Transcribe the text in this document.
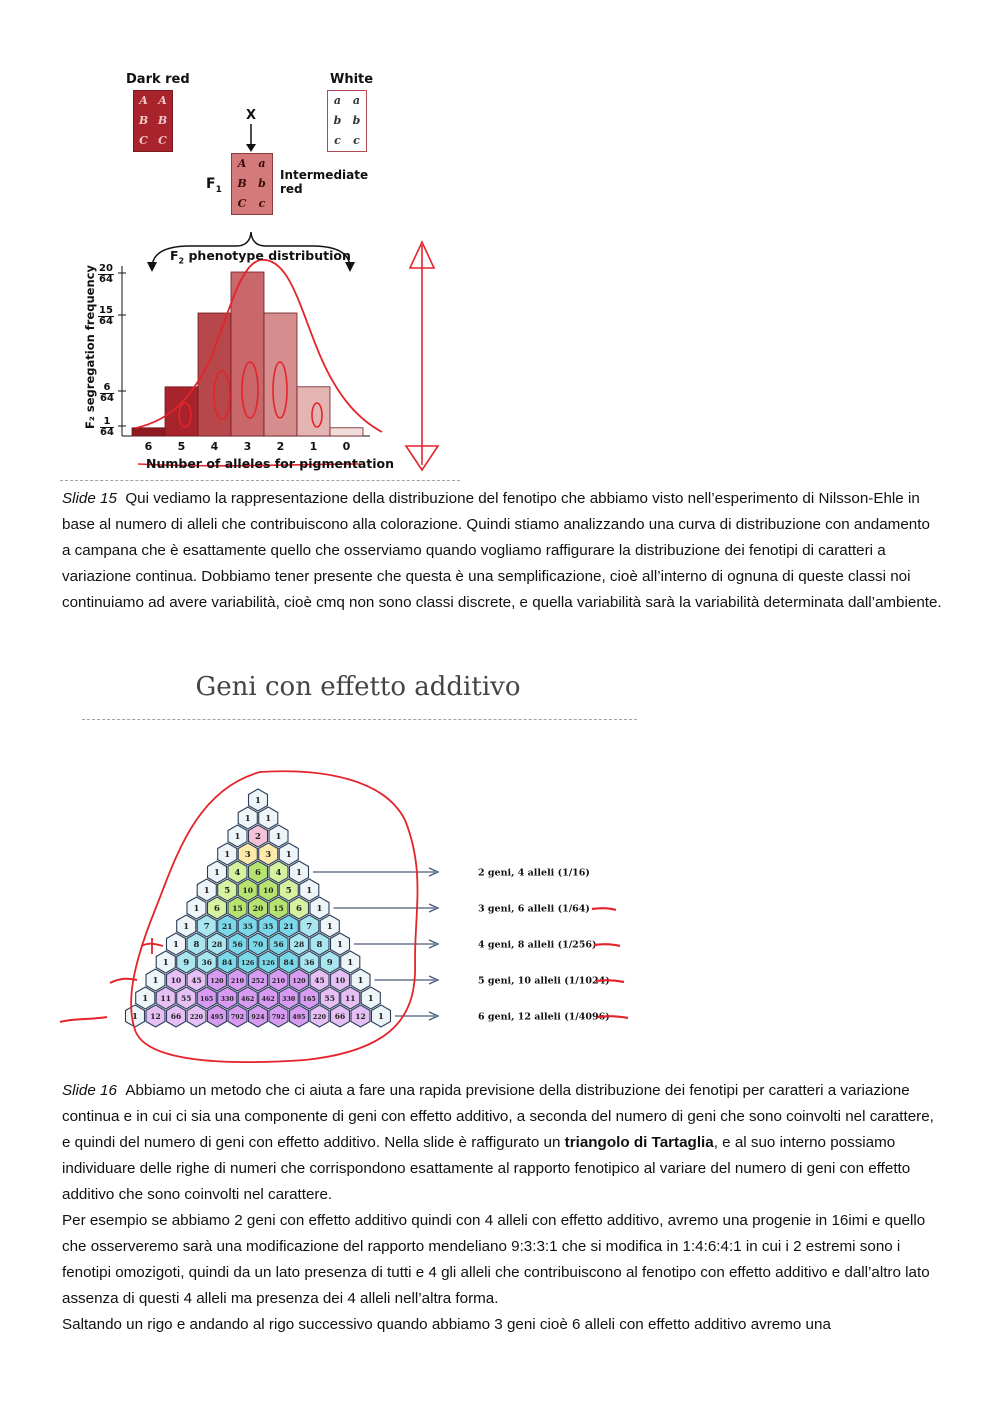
Dark red	White
A A
B B
C C
a	a
b	b
c	c
X
$F_1$
A	a
B	b
C	c
Intermediate
red
$F_2$ phenotype distribution
F₂ segregation frequency $\frac{20}{64}$
$\frac{15}{64}$
$\frac{6}{64}$
$\frac{1}{64}$
6	5	4	3	2	1	0
Number of alleles for pigmentation

Slide 15 Qui vediamo la rappresentazione della distribuzione del fenotipo che abbiamo visto nell’esperimento di Nilsson-Ehle in base al numero di alleli che contribuiscono alla colorazione. Quindi stiamo analizzando una curva di distribuzione con andamento a campana che è esattamente quello che osserviamo quando vogliamo raffigurare la distribuzione dei fenotipi di caratteri a variazione continua. Dobbiamo tener presente che questa è una semplificazione, cioè all’interno di ognuna di queste classi noi continuiamo ad avere variabilità, cioè cmq non sono classi discrete, e quella variabilità sarà la variabilità determinata dall’ambiente.

Geni con effetto additivo
1
1 1
1 2 1
1 3 3 1
1 4 6 4 1
1 5 10 10 5 1
1 6 15 20 15 6 1
1 7 21 35 35 21 7 1
1 8 28 56 70 56 28 8 1
1 9 36 84 126 126 84 36 9 1
1 10 45 120 210 252 210 120 45 10 1
1 11 55 165 330 462 462 330 165 55 11 1
1 12 66 220 495 792 924 792 495 220 66 12 1
2 geni, 4 alleli (1/16)
3 geni, 6 alleli (1/64)
4 geni, 8 alleli (1/256)
5 geni, 10 alleli (1/1024)
6 geni, 12 alleli (1/4096)

Slide 16 Abbiamo un metodo che ci aiuta a fare una rapida previsione della distribuzione dei fenotipi per caratteri a variazione continua e in cui ci sia una componente di geni con effetto additivo, a seconda del numero di geni che sono coinvolti nel carattere, e quindi del numero di geni con effetto additivo. Nella slide è raffigurato un triangolo di Tartaglia, e al suo interno possiamo individuare delle righe di numeri che corrispondono esattamente al rapporto fenotipico al variare del numero di geni con effetto additivo che sono coinvolti nel carattere.

Per esempio se abbiamo 2 geni con effetto additivo quindi con 4 alleli con effetto additivo, avremo una progenie in 16imi e quello che osserveremo sarà una modificazione del rapporto mendeliano 9:3:3:1 che si modifica in 1:4:6:4:1 in cui i 2 estremi sono i fenotipi omozigoti, quindi da un lato presenza di tutti e 4 gli alleli che contribuiscono al fenotipo con effetto additivo e dall’altro lato assenza di questi 4 alleli ma presenza dei 4 alleli nell’altra forma.

Saltando un rigo e andando al rigo successivo quando abbiamo 3 geni cioè 6 alleli con effetto additivo avremo una
